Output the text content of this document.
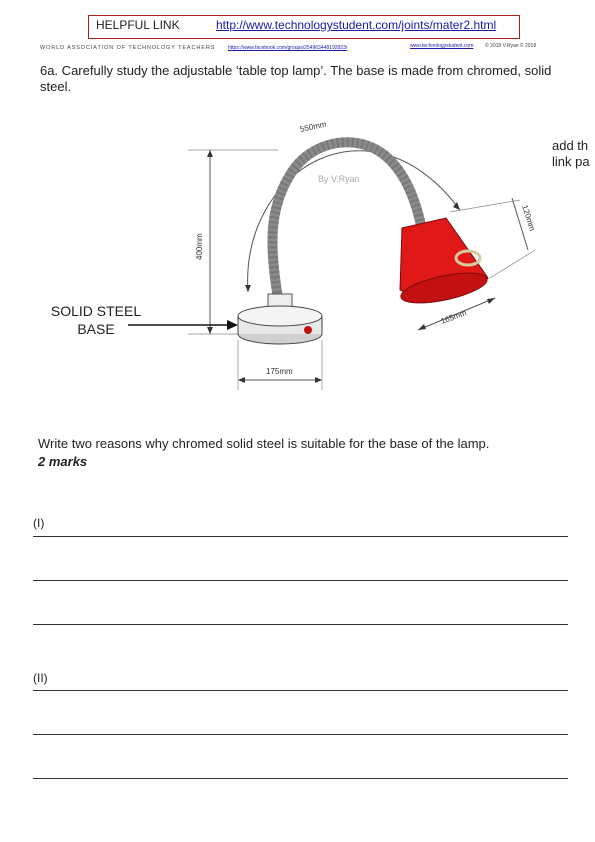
HELPFUL LINK	http://www.technologystudent.com/joints/mater2.html
WORLD ASSOCIATION OF TECHNOLOGY TEACHERS	https://www.facebook.com/groups/254963448192823/	www.technologystudent.com © 2018 V.Ryan © 2018
6a. Carefully study the adjustable ‘table top lamp’. The base is made from chromed, solid steel.
add th
link pa
550mm
400mm
By V.Ryan
120mm
165mm
175mm
SOLID STEEL BASE
Write two reasons why chromed solid steel is suitable for the base of the lamp.
2 marks
(I)
(II)
